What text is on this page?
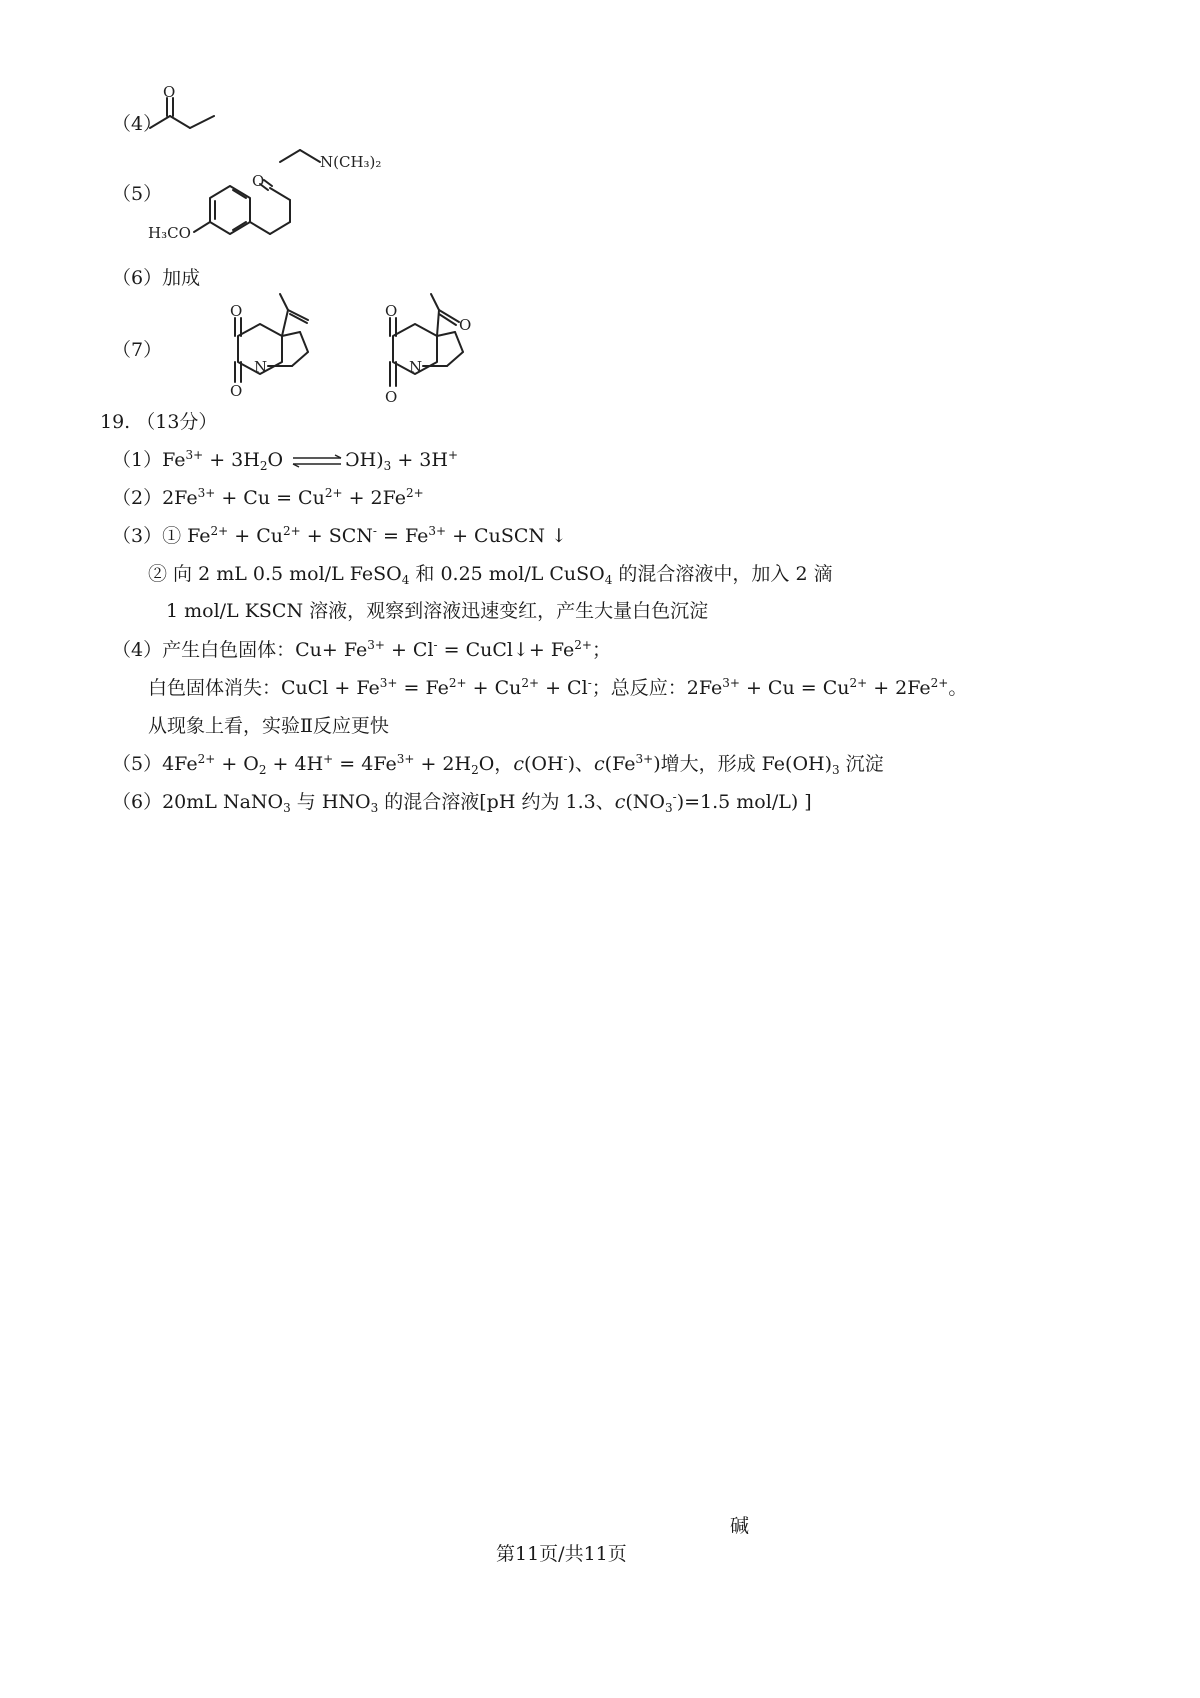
（4）
O
（5）
N(CH₃)₂
H₃CO
O
（6）加成
（7）
O
O
N
O
O
N
O
19. （13分）
$(1)Fe^{3+} + 3H_2O$ ⇌ $ƆH)_3 + 3H^+$
$(2)2Fe^{3+} + Cu = Cu^{2+} + 2Fe^{2+}$
（3）① $Fe^{2+} + Cu^{2+} + SCN^- = Fe^{3+}$ + CuSCN ↓
② 向 2 mL 0.5 mol/L FeSO$_4$ 和 0.25 mol/L CuSO$_4$ 的混合溶液中，加入 2 滴
1 mol/L KSCN 溶液，观察到溶液迅速变红，产生大量白色沉淀
（4）产生白色固体：$Cu+ Fe^{3+} + Cl^-$ = CuCl↓+ $Fe^{2+}$；
白色固体消失：CuCl + $Fe^{3+} = Fe^{2+} + Cu^{2+} + Cl^-$；总反应：$2Fe^{3+} + Cu = Cu^{2+} + 2Fe^{2+}$。
从现象上看，实验Ⅱ反应更快
$(5)4Fe^{2+} + O_2 + 4H^+ = 4Fe^{3+} + 2H_2O$，c(OH-)、$c(Fe^{3+})$增大，形成 $Fe(OH)_3$ 沉淀
（6）20mL NaNO$_3$ 与 $HNO_3$ 的混合溶液[pH 约为 1.3、$c(NO_3^-)=1.5$ mol/L) ]
碱
第11页/共11页
